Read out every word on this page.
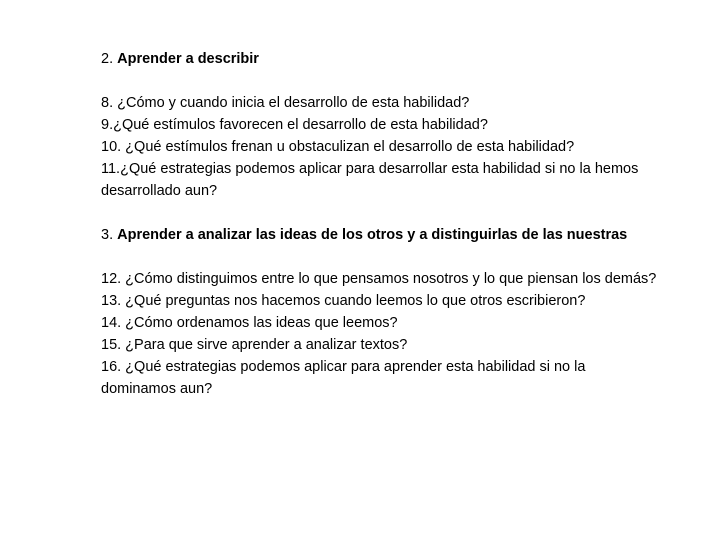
2. Aprender a describir

8. ¿Cómo y cuando inicia el desarrollo de esta habilidad?

9.¿Qué estímulos favorecen el desarrollo de esta habilidad?

10. ¿Qué estímulos frenan u obstaculizan el desarrollo de esta habilidad?

11.¿Qué estrategias podemos aplicar para desarrollar esta habilidad si no la hemos desarrollado aun?

3. Aprender a analizar las ideas de los otros y a distinguirlas de las nuestras

12. ¿Cómo distinguimos entre lo que pensamos nosotros y lo que piensan los demás?

13. ¿Qué preguntas nos hacemos cuando leemos lo que otros escribieron?

14. ¿Cómo ordenamos las ideas que leemos?

15. ¿Para que sirve aprender a analizar textos?

16. ¿Qué estrategias podemos aplicar para aprender esta habilidad si no la dominamos aun?
